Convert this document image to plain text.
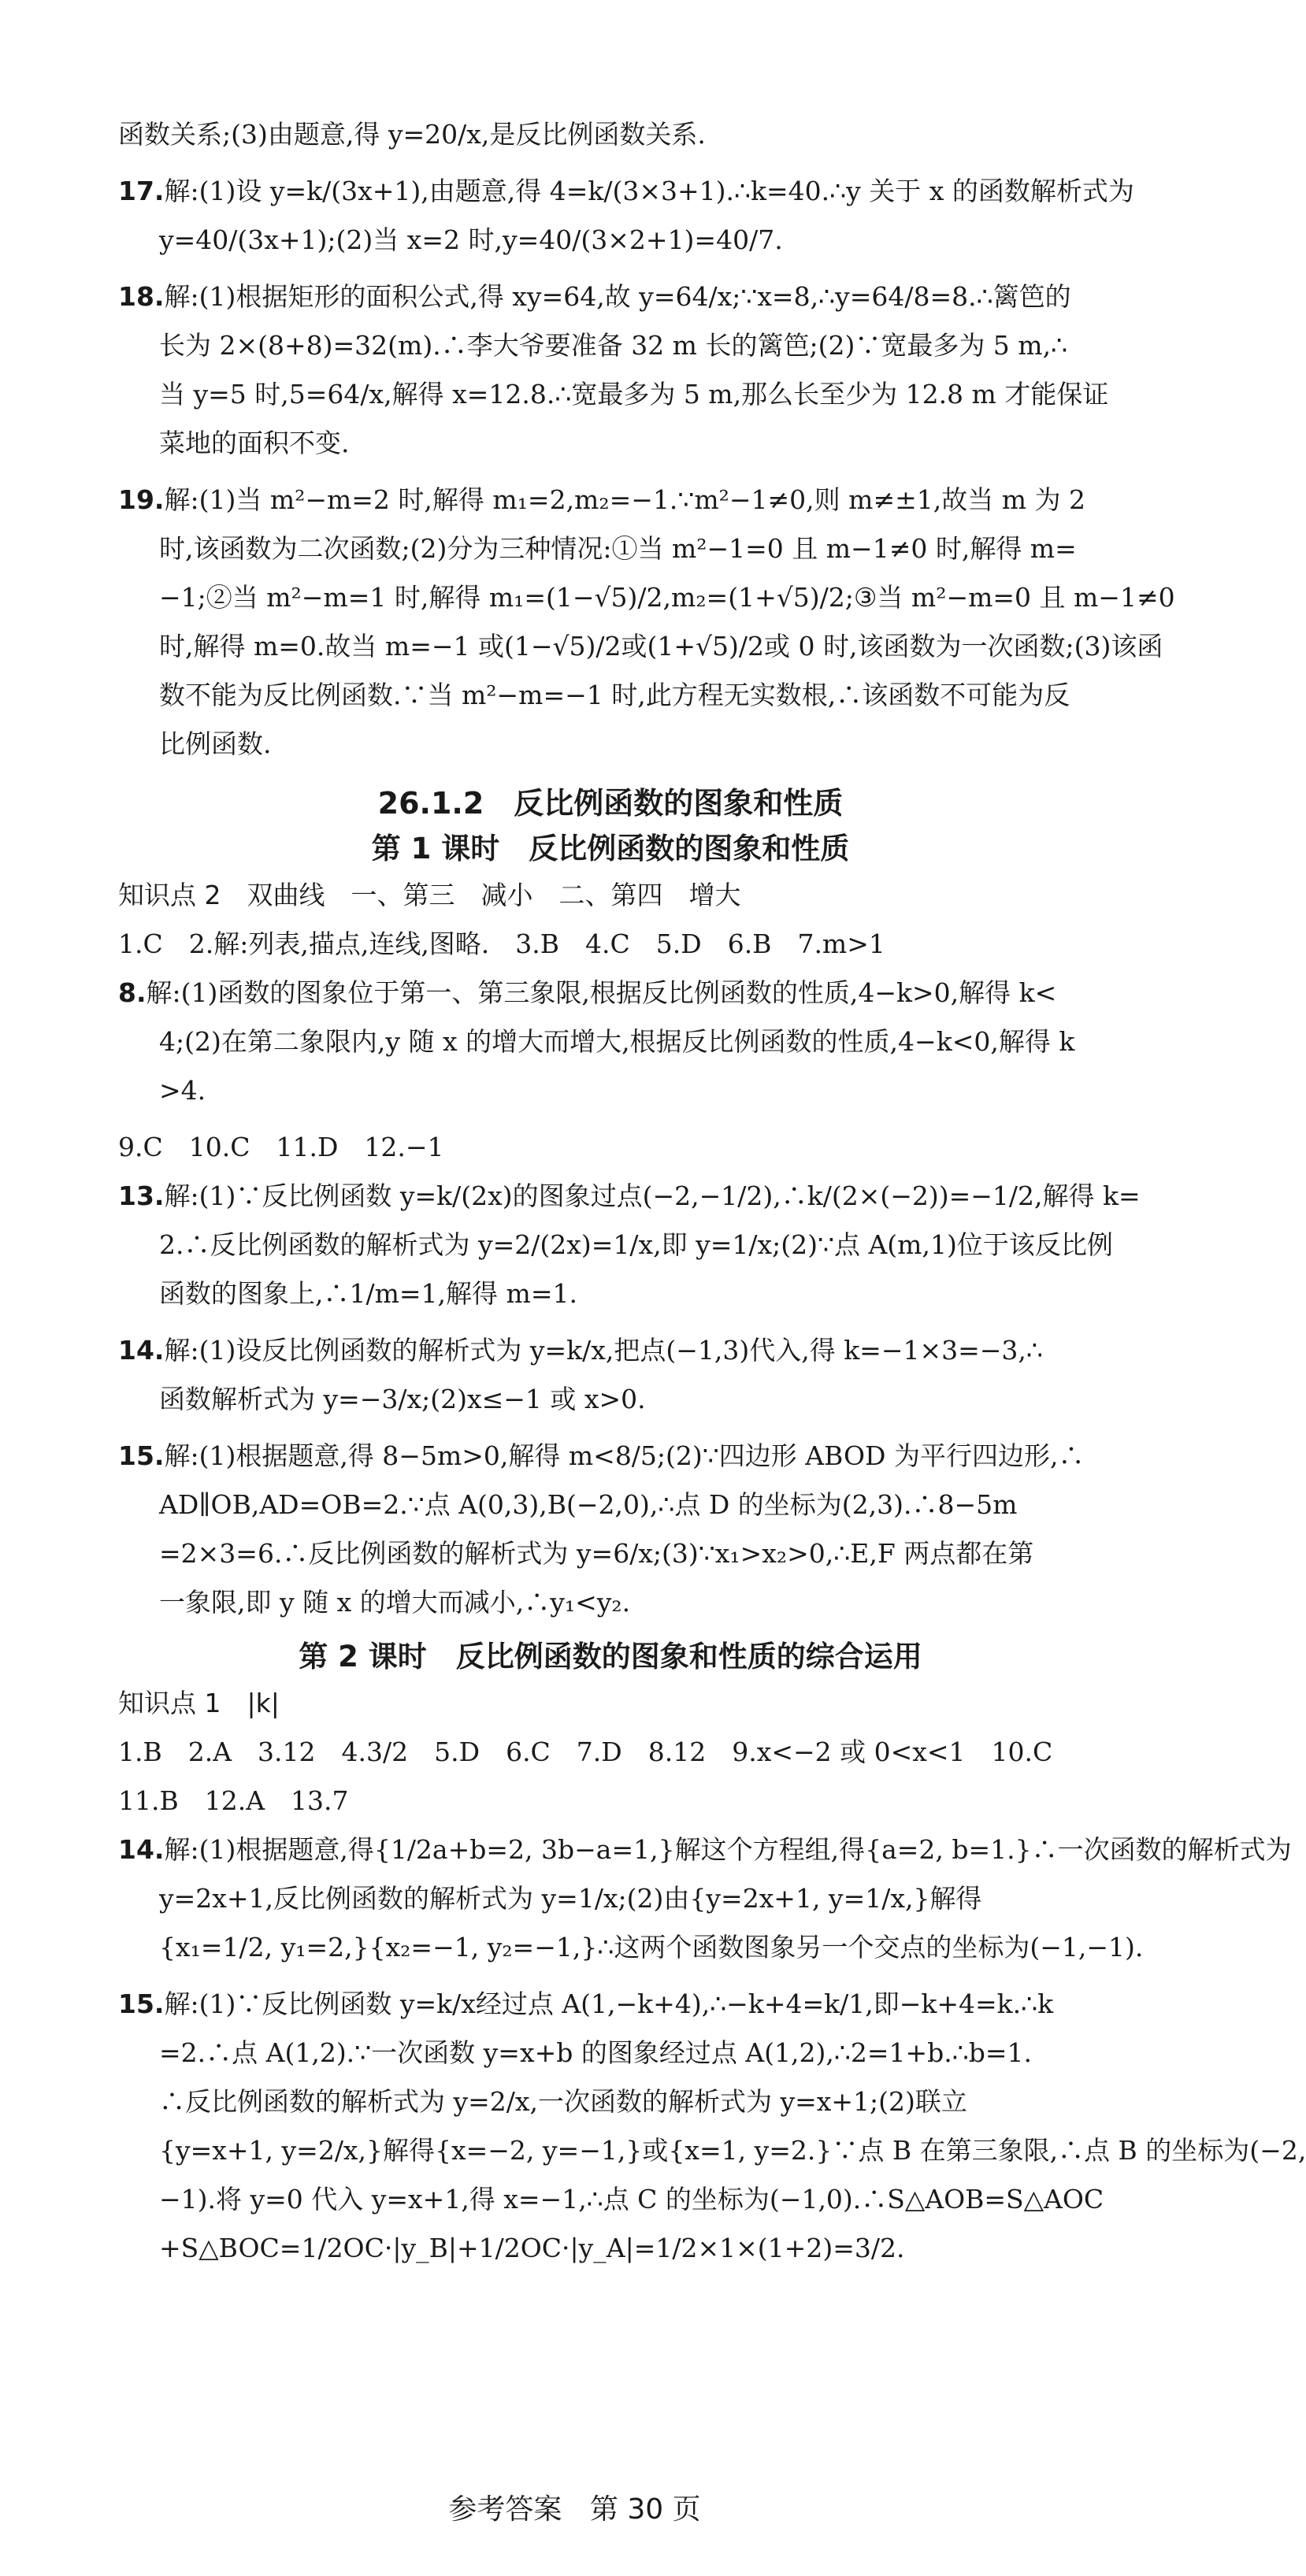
函数关系;(3)由题意,得 y=20/x,是反比例函数关系.

17.解:(1)设 y=k/(3x+1),由题意,得 4=k/(3×3+1).∴k=40.∴y 关于 x 的函数解析式为

y=40/(3x+1);(2)当 x=2 时,y=40/(3×2+1)=40/7.

18.解:(1)根据矩形的面积公式,得 xy=64,故 y=64/x;∵x=8,∴y=64/8=8.∴篱笆的

长为 2×(8+8)=32(m).∴李大爷要准备 32 m 长的篱笆;(2)∵宽最多为 5 m,∴

当 y=5 时,5=64/x,解得 x=12.8.∴宽最多为 5 m,那么长至少为 12.8 m 才能保证

菜地的面积不变.

19.解:(1)当 m²−m=2 时,解得 m₁=2,m₂=−1.∵m²−1≠0,则 m≠±1,故当 m 为 2

时,该函数为二次函数;(2)分为三种情况:①当 m²−1=0 且 m−1≠0 时,解得 m=

−1;②当 m²−m=1 时,解得 m₁=(1−√5)/2,m₂=(1+√5)/2;③当 m²−m=0 且 m−1≠0

时,解得 m=0.故当 m=−1 或(1−√5)/2或(1+√5)/2或 0 时,该函数为一次函数;(3)该函

数不能为反比例函数.∵当 m²−m=−1 时,此方程无实数根,∴该函数不可能为反

比例函数.

26.1.2　反比例函数的图象和性质
第 1 课时　反比例函数的图象和性质

知识点 2　双曲线　一、第三　减小　二、第四　增大

1.C　2.解:列表,描点,连线,图略.　3.B　4.C　5.D　6.B　7.m>1

8.解:(1)函数的图象位于第一、第三象限,根据反比例函数的性质,4−k>0,解得 k<

4;(2)在第二象限内,y 随 x 的增大而增大,根据反比例函数的性质,4−k<0,解得 k

>4.

9.C　10.C　11.D　12.−1

13.解:(1)∵反比例函数 y=k/(2x)的图象过点(−2,−1/2),∴k/(2×(−2))=−1/2,解得 k=

2.∴反比例函数的解析式为 y=2/(2x)=1/x,即 y=1/x;(2)∵点 A(m,1)位于该反比例

函数的图象上,∴1/m=1,解得 m=1.

14.解:(1)设反比例函数的解析式为 y=k/x,把点(−1,3)代入,得 k=−1×3=−3,∴

函数解析式为 y=−3/x;(2)x≤−1 或 x>0.

15.解:(1)根据题意,得 8−5m>0,解得 m<8/5;(2)∵四边形 ABOD 为平行四边形,∴

AD∥OB,AD=OB=2.∵点 A(0,3),B(−2,0),∴点 D 的坐标为(2,3).∴8−5m

=2×3=6.∴反比例函数的解析式为 y=6/x;(3)∵x₁>x₂>0,∴E,F 两点都在第

一象限,即 y 随 x 的增大而减小,∴y₁<y₂.

第 2 课时　反比例函数的图象和性质的综合运用

知识点 1　|k|

1.B　2.A　3.12　4.3/2　5.D　6.C　7.D　8.12　9.x<−2 或 0<x<1　10.C

11.B　12.A　13.7

14.解:(1)根据题意,得{1/2a+b=2, 3b−a=1,}解这个方程组,得{a=2, b=1.}∴一次函数的解析式为

y=2x+1,反比例函数的解析式为 y=1/x;(2)由{y=2x+1, y=1/x,}解得

{x₁=1/2, y₁=2,}{x₂=−1, y₂=−1,}∴这两个函数图象另一个交点的坐标为(−1,−1).

15.解:(1)∵反比例函数 y=k/x经过点 A(1,−k+4),∴−k+4=k/1,即−k+4=k.∴k

=2.∴点 A(1,2).∵一次函数 y=x+b 的图象经过点 A(1,2),∴2=1+b.∴b=1.

∴反比例函数的解析式为 y=2/x,一次函数的解析式为 y=x+1;(2)联立

{y=x+1, y=2/x,}解得{x=−2, y=−1,}或{x=1, y=2.}∵点 B 在第三象限,∴点 B 的坐标为(−2,

−1).将 y=0 代入 y=x+1,得 x=−1,∴点 C 的坐标为(−1,0).∴S△AOB=S△AOC

+S△BOC=1/2OC·|y_B|+1/2OC·|y_A|=1/2×1×(1+2)=3/2.

参考答案 第 30 页
